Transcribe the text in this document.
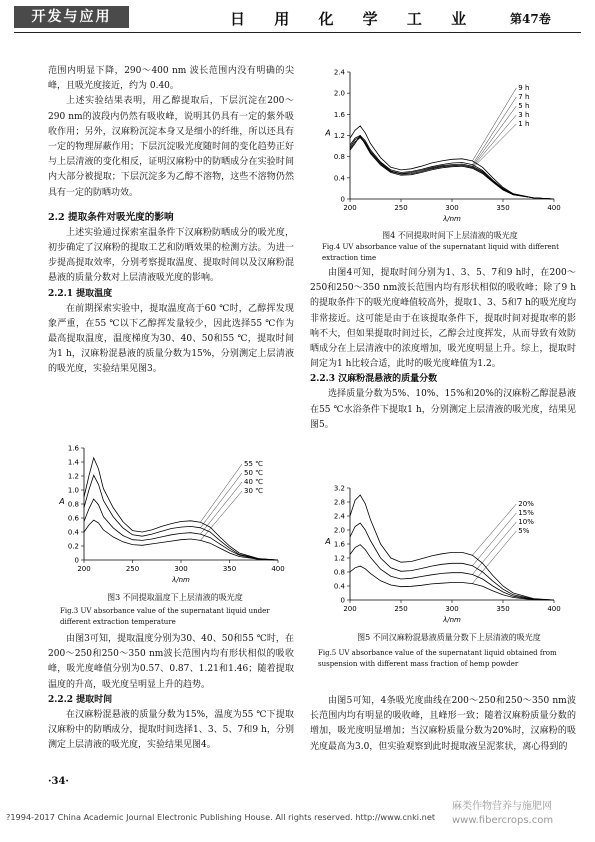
开发与应用	日 用 化 学 工 业	第47卷

范围内明显下降，290～400 nm 波长范围内没有明确的尖峰，且吸光度接近，约为 0.40。

上述实验结果表明，用乙醇提取后，下层沉淀在200～290 nm的波段内仍然有吸收峰，说明其仍具有一定的紫外吸收作用；另外，汉麻粉沉淀本身又是细小的纤维，所以还具有一定的物理屏蔽作用；下层沉淀吸光度随时间的变化趋势正好与上层清液的变化相反，证明汉麻粉中的防晒成分在实验时间内大部分被提取；下层沉淀多为乙醇不溶物，这些不溶物仍然具有一定的防晒功效。

2.2 提取条件对吸光度的影响

上述实验通过探索室温条件下汉麻粉防晒成分的吸光度，初步确定了汉麻粉的提取工艺和防晒效果的检测方法。为进一步提高提取效率，分别考察提取温度、提取时间以及汉麻粉混悬液的质量分数对上层清液吸光度的影响。

2.2.1 提取温度

在前期探索实验中，提取温度高于60 ℃时，乙醇挥发现象严重，在55 ℃以下乙醇挥发量较少，因此选择55 ℃作为最高提取温度，温度梯度为30、40、50和55 ℃，提取时间为1 h，汉麻粉混悬液的质量分数为15%，分别测定上层清液的吸光度，实验结果见图3。

0
0.2
0.4
0.6
0.8
1.0
1.2
1.4
1.6
200	250	300	350	400
λ/nm
A
55 ℃
50 ℃
40 ℃
30 ℃
图3 不同提取温度下上层清液的吸光度
Fig.3 UV absorbance value of the supernatant liquid under different extraction temperature

由图3可知，提取温度分别为30、40、50和55 ℃时，在200～250和250～350 nm波长范围内均有形状相似的吸收峰，吸光度峰值分别为0.57、0.87、1.21和1.46；随着提取温度的升高，吸光度呈明显上升的趋势。

2.2.2 提取时间

在汉麻粉混悬液的质量分数为15%，温度为55 ℃下提取汉麻粉中的防晒成分，提取时间选择1、3、5、7和9 h，分别测定上层清液的吸光度，实验结果见图4。

·34·
0
0.4
0.8
1.2
1.6
2.0
2.4
200	250	300	350	400
λ/nm
A
9 h
7 h
5 h
3 h
1 h
图4 不同提取时间下上层清液的吸光度
Fig.4 UV absorbance value of the supernatant liquid with different extraction time

由图4可知，提取时间分别为1、3、5、7和9 h时，在200～250和250～350 nm波长范围内均有形状相似的吸收峰；除了9 h的提取条件下的吸光度峰值较高外，提取1、3、5和7 h的吸光度均非常接近。这可能是由于在该提取条件下，提取时间对提取率的影响不大，但如果提取时间过长，乙醇会过度挥发，从而导致有效防晒成分在上层清液中的浓度增加，吸光度明显上升。综上，提取时间定为1 h比较合适，此时的吸光度峰值为1.2。

2.2.3 汉麻粉混悬液的质量分数

选择质量分数为5%、10%、15%和20%的汉麻粉乙醇混悬液在55 ℃水浴条件下提取1 h，分别测定上层清液的吸光度，结果见图5。

0
0.4
0.8
1.2
1.6
2.0
2.4
2.8
3.2
200	250	300	350	400
λ/nm
A
20%
15%
10%
5%
图5 不同汉麻粉混悬液质量分数下上层清液的吸光度
Fig.5 UV absorbance value of the supernatant liquid obtained from suspension with different mass fraction of hemp powder

由图5可知，4条吸光度曲线在200～250和250～350 nm波长范围内均有明显的吸收峰，且峰形一致；随着汉麻粉质量分数的增加，吸光度明显增加；当汉麻粉质量分数为20%时，汉麻粉的吸光度最高为3.0，但实验观察到此时提取液呈泥浆状，离心得到的

?1994-2017 China Academic Journal Electronic Publishing House. All rights reserved. http://www.cnki.net
麻类作物营养与施肥网 www.fibercrops.com
